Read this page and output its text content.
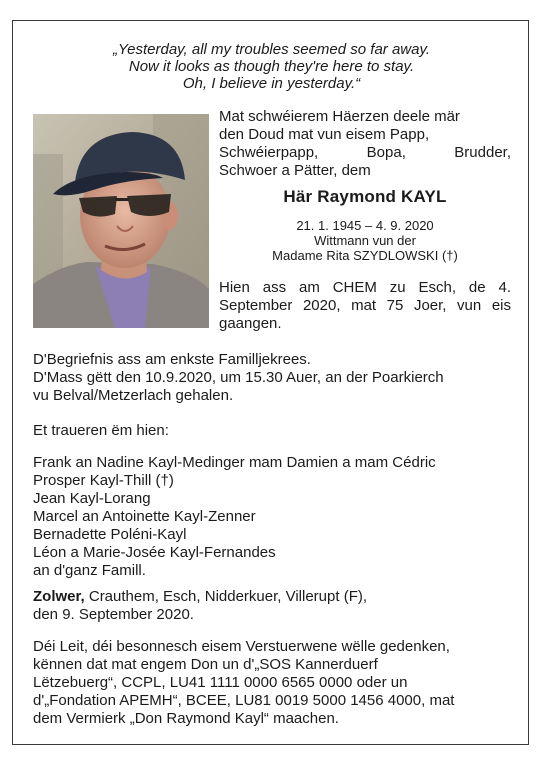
„Yesterday, all my troubles seemed so far away.
Now it looks as though they're here to stay.
Oh, I believe in yesterday.“

Mat schwéierem Häerzen deele mär

den Doud mat vun eisem Papp,

Schwéierpapp, Bopa, Brudder,

Schwoer a Pätter, dem

Här Raymond KAYL
21. 1. 1945 – 4. 9. 2020
Wittmann vun der
Madame Rita SZYDLOWSKI (†)
Hien ass am CHEM zu Esch, de 4.
September 2020, mat 75 Joer, vun eis
gaangen.
D'Begriefnis ass am enkste Familljekrees.
D'Mass gëtt den 10.9.2020, um 15.30 Auer, an der Poarkierch
vu Belval/Metzerlach gehalen.
Et traueren ëm hien:
Frank an Nadine Kayl-Medinger mam Damien a mam Cédric
Prosper Kayl-Thill (†)
Jean Kayl-Lorang
Marcel an Antoinette Kayl-Zenner
Bernadette Poléni-Kayl
Léon a Marie-Josée Kayl-Fernandes
an d'ganz Famill.
Zolwer, Crauthem, Esch, Nidderkuer, Villerupt (F),
den 9. September 2020.
Déi Leit, déi besonnesch eisem Verstuerwene wëlle gedenken,
kënnen dat mat engem Don un d'„SOS Kannerduerf
Lëtzebuerg“, CCPL, LU41 1111 0000 6565 0000 oder un
d'„Fondation APEMH“, BCEE, LU81 0019 5000 1456 4000, mat
dem Vermierk „Don Raymond Kayl“ maachen.
